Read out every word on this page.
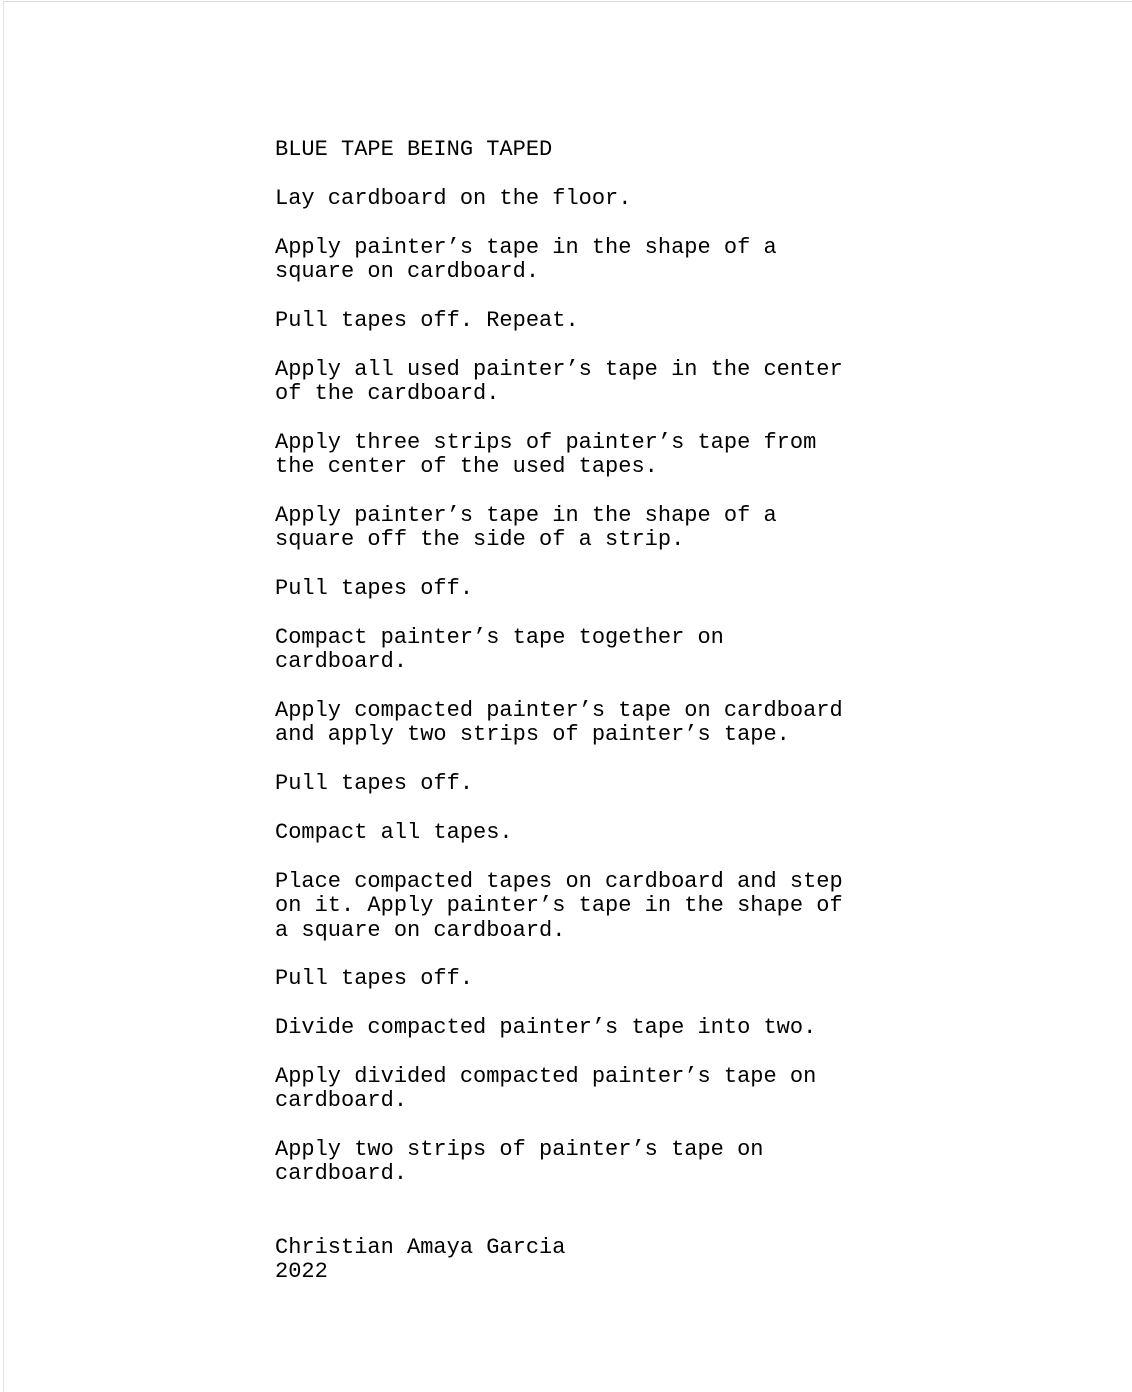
BLUE TAPE BEING TAPED
Lay cardboard on the floor.
Apply painter’s tape in the shape of a
square on cardboard.
Pull tapes off. Repeat.
Apply all used painter’s tape in the center
of the cardboard.
Apply three strips of painter’s tape from
the center of the used tapes.
Apply painter’s tape in the shape of a
square off the side of a strip.
Pull tapes off.
Compact painter’s tape together on
cardboard.
Apply compacted painter’s tape on cardboard
and apply two strips of painter’s tape.
Pull tapes off.
Compact all tapes.
Place compacted tapes on cardboard and step
on it. Apply painter’s tape in the shape of
a square on cardboard.
Pull tapes off.
Divide compacted painter’s tape into two.
Apply divided compacted painter’s tape on
cardboard.
Apply two strips of painter’s tape on
cardboard.
Christian Amaya Garcia
2022
